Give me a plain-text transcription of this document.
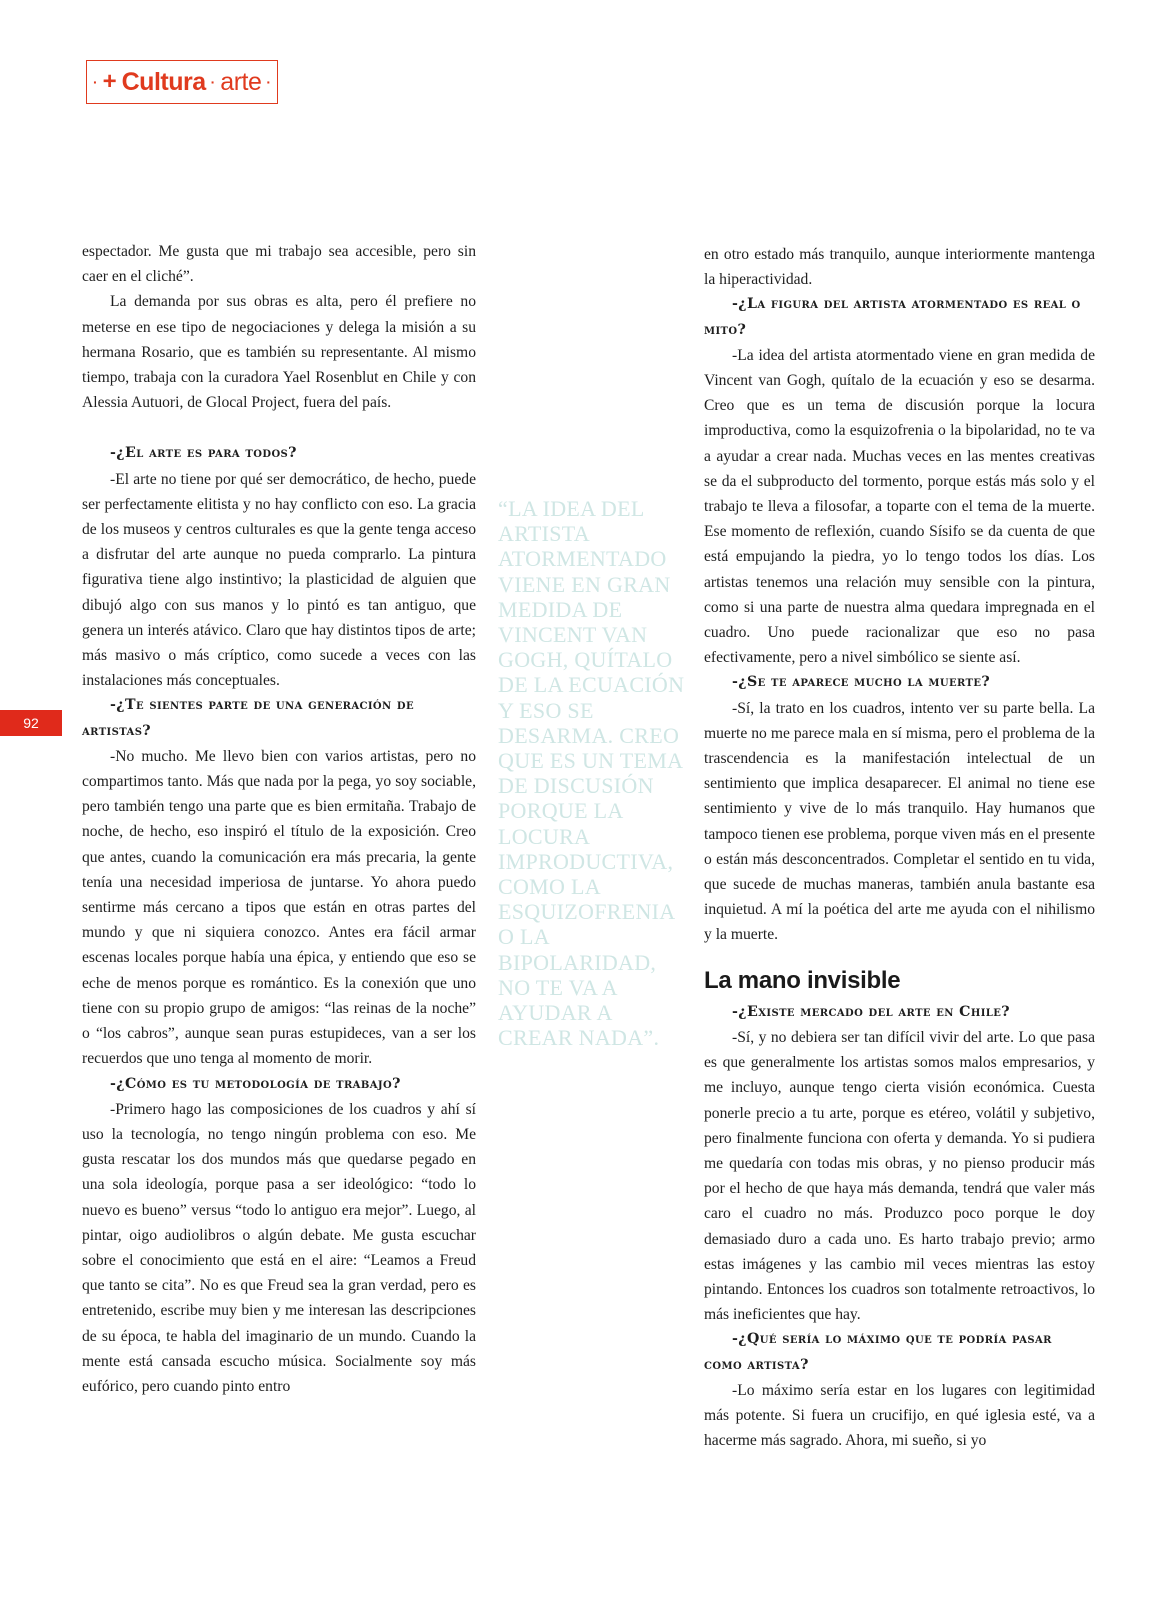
· + Cultura · arte ·
92

espectador. Me gusta que mi trabajo sea accesible, pero sin caer en el cliché”.

La demanda por sus obras es alta, pero él prefiere no meterse en ese tipo de negociaciones y delega la misión a su hermana Rosario, que es también su representante. Al mismo tiempo, trabaja con la curadora Yael Rosenblut en Chile y con Alessia Autuori, de Glocal Project, fuera del país.

-¿El arte es para todos?

-El arte no tiene por qué ser democrático, de hecho, puede ser perfectamente elitista y no hay conflicto con eso. La gracia de los museos y centros culturales es que la gente tenga acceso a disfrutar del arte aunque no pueda comprarlo. La pintura figurativa tiene algo instintivo; la plasticidad de alguien que dibujó algo con sus manos y lo pintó es tan antiguo, que genera un interés atávico. Claro que hay distintos tipos de arte; más masivo o más críptico, como sucede a veces con las instalaciones más conceptuales.

-¿Te sientes parte de una generación de artistas?

-No mucho. Me llevo bien con varios artistas, pero no compartimos tanto. Más que nada por la pega, yo soy sociable, pero también tengo una parte que es bien ermitaña. Trabajo de noche, de hecho, eso inspiró el título de la exposición. Creo que antes, cuando la comunicación era más precaria, la gente tenía una necesidad imperiosa de juntarse. Yo ahora puedo sentirme más cercano a tipos que están en otras partes del mundo y que ni siquiera conozco. Antes era fácil armar escenas locales porque había una épica, y entiendo que eso se eche de menos porque es romántico. Es la conexión que uno tiene con su propio grupo de amigos: “las reinas de la noche” o “los cabros”, aunque sean puras estupideces, van a ser los recuerdos que uno tenga al momento de morir.

-¿Cómo es tu metodología de trabajo?

-Primero hago las composiciones de los cuadros y ahí sí uso la tecnología, no tengo ningún problema con eso. Me gusta rescatar los dos mundos más que quedarse pegado en una sola ideología, porque pasa a ser ideológico: “todo lo nuevo es bueno” versus “todo lo antiguo era mejor”. Luego, al pintar, oigo audiolibros o algún debate. Me gusta escuchar sobre el conocimiento que está en el aire: “Leamos a Freud que tanto se cita”. No es que Freud sea la gran verdad, pero es entretenido, escribe muy bien y me interesan las descripciones de su época, te habla del imaginario de un mundo. Cuando la mente está cansada escucho música. Socialmente soy más eufórico, pero cuando pinto entro

“LA IDEA DEL ARTISTA ATORMENTADO VIENE EN GRAN MEDIDA DE VINCENT VAN GOGH, QUÍTALO DE LA ECUACIÓN Y ESO SE DESARMA. CREO QUE ES UN TEMA DE DISCUSIÓN PORQUE LA LOCURA IMPRODUCTIVA, COMO LA ESQUIZOFRENIA O LA BIPOLARIDAD, NO TE VA A AYUDAR A CREAR NADA”.

en otro estado más tranquilo, aunque interiormente mantenga la hiperactividad.

-¿La figura del artista atormentado es real o mito?

-La idea del artista atormentado viene en gran medida de Vincent van Gogh, quítalo de la ecuación y eso se desarma. Creo que es un tema de discusión porque la locura improductiva, como la esquizofrenia o la bipolaridad, no te va a ayudar a crear nada. Muchas veces en las mentes creativas se da el subproducto del tormento, porque estás más solo y el trabajo te lleva a filosofar, a toparte con el tema de la muerte. Ese momento de reflexión, cuando Sísifo se da cuenta de que está empujando la piedra, yo lo tengo todos los días. Los artistas tenemos una relación muy sensible con la pintura, como si una parte de nuestra alma quedara impregnada en el cuadro. Uno puede racionalizar que eso no pasa efectivamente, pero a nivel simbólico se siente así.

-¿Se te aparece mucho la muerte?

-Sí, la trato en los cuadros, intento ver su parte bella. La muerte no me parece mala en sí misma, pero el problema de la trascendencia es la manifestación intelectual de un sentimiento que implica desaparecer. El animal no tiene ese sentimiento y vive de lo más tranquilo. Hay humanos que tampoco tienen ese problema, porque viven más en el presente o están más desconcentrados. Completar el sentido en tu vida, que sucede de muchas maneras, también anula bastante esa inquietud. A mí la poética del arte me ayuda con el nihilismo y la muerte.

La mano invisible

-¿Existe mercado del arte en Chile?

-Sí, y no debiera ser tan difícil vivir del arte. Lo que pasa es que generalmente los artistas somos malos empresarios, y me incluyo, aunque tengo cierta visión económica. Cuesta ponerle precio a tu arte, porque es etéreo, volátil y subjetivo, pero finalmente funciona con oferta y demanda. Yo si pudiera me quedaría con todas mis obras, y no pienso producir más por el hecho de que haya más demanda, tendrá que valer más caro el cuadro no más. Produzco poco porque le doy demasiado duro a cada uno. Es harto trabajo previo; armo estas imágenes y las cambio mil veces mientras las estoy pintando. Entonces los cuadros son totalmente retroactivos, lo más ineficientes que hay.

-¿Qué sería lo máximo que te podría pasar como artista?

-Lo máximo sería estar en los lugares con legitimidad más potente. Si fuera un crucifijo, en qué iglesia esté, va a hacerme más sagrado. Ahora, mi sueño, si yo
